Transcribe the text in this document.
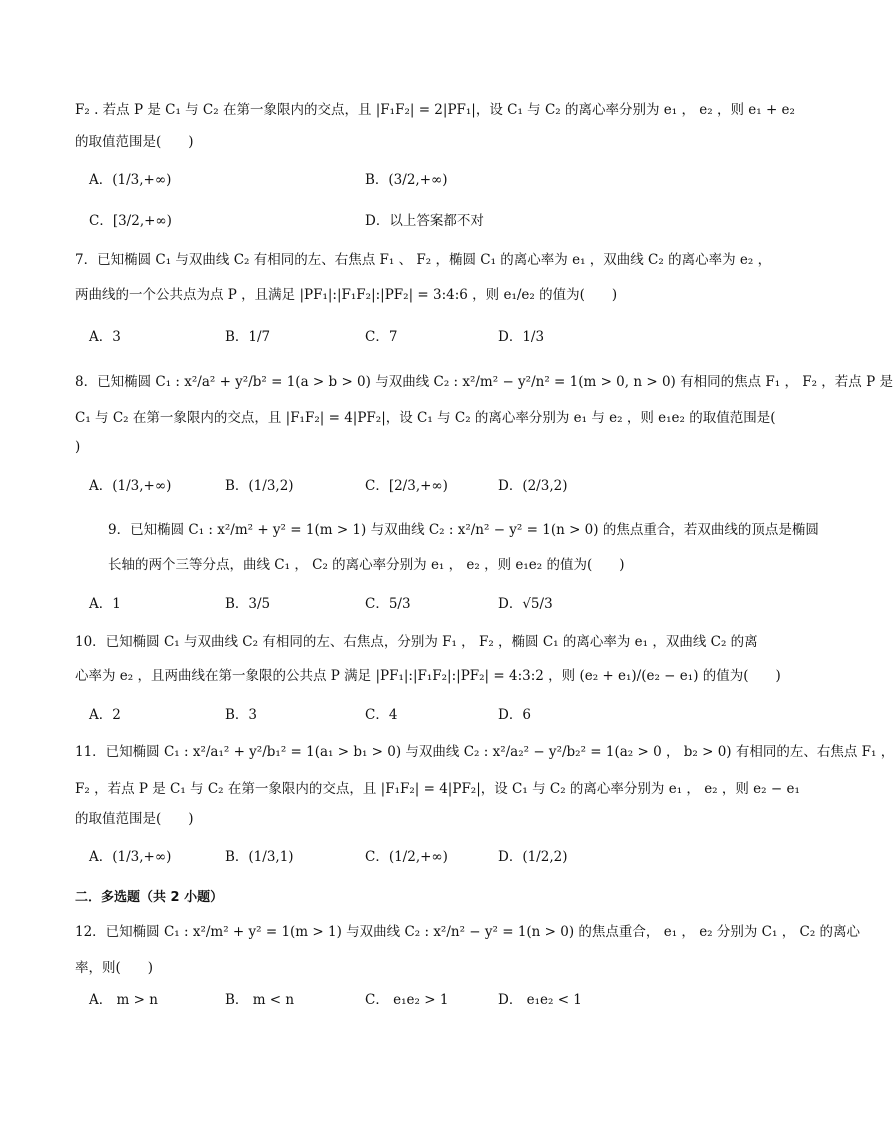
F₂ . 若点 P 是 C₁ 与 C₂ 在第一象限内的交点，且 |F₁F₂| = 2|PF₁|，设 C₁ 与 C₂ 的离心率分别为 e₁ ， e₂ ，则 e₁ + e₂
的取值范围是(　　)
A．(1/3,+∞)	B．(3/2,+∞)
C．[3/2,+∞)	D．以上答案都不对
7．已知椭圆 C₁ 与双曲线 C₂ 有相同的左、右焦点 F₁ 、 F₂ ，椭圆 C₁ 的离心率为 e₁ ，双曲线 C₂ 的离心率为 e₂ ，
两曲线的一个公共点为点 P ，且满足 |PF₁|:|F₁F₂|:|PF₂| = 3:4:6 ，则 e₁/e₂ 的值为(　　)
A．3	B．1/7	C．7	D．1/3
8．已知椭圆 C₁ : x²/a² + y²/b² = 1(a > b > 0) 与双曲线 C₂ : x²/m² − y²/n² = 1(m > 0, n > 0) 有相同的焦点 F₁ ， F₂ ，若点 P 是
C₁ 与 C₂ 在第一象限内的交点，且 |F₁F₂| = 4|PF₂|，设 C₁ 与 C₂ 的离心率分别为 e₁ 与 e₂ ，则 e₁e₂ 的取值范围是(
)
A．(1/3,+∞)	B．(1/3,2)	C．[2/3,+∞)	D．(2/3,2)
9．已知椭圆 C₁ : x²/m² + y² = 1(m > 1) 与双曲线 C₂ : x²/n² − y² = 1(n > 0) 的焦点重合，若双曲线的顶点是椭圆
长轴的两个三等分点，曲线 C₁ ， C₂ 的离心率分别为 e₁ ， e₂ ，则 e₁e₂ 的值为(　　)
A．1	B．3/5	C．5/3	D．√5/3
10．已知椭圆 C₁ 与双曲线 C₂ 有相同的左、右焦点，分别为 F₁ ， F₂ ，椭圆 C₁ 的离心率为 e₁ ，双曲线 C₂ 的离
心率为 e₂ ，且两曲线在第一象限的公共点 P 满足 |PF₁|:|F₁F₂|:|PF₂| = 4:3:2 ，则 (e₂ + e₁)/(e₂ − e₁) 的值为(　　)
A．2	B．3	C．4	D．6
11．已知椭圆 C₁ : x²/a₁² + y²/b₁² = 1(a₁ > b₁ > 0) 与双曲线 C₂ : x²/a₂² − y²/b₂² = 1(a₂ > 0 ， b₂ > 0) 有相同的左、右焦点 F₁ ，
F₂ ，若点 P 是 C₁ 与 C₂ 在第一象限内的交点，且 |F₁F₂| = 4|PF₂|，设 C₁ 与 C₂ 的离心率分别为 e₁ ， e₂ ，则 e₂ − e₁
的取值范围是(　　)
A．(1/3,+∞)	B．(1/3,1)	C．(1/2,+∞)	D．(1/2,2)
二．多选题（共 2 小题）
12．已知椭圆 C₁ : x²/m² + y² = 1(m > 1) 与双曲线 C₂ : x²/n² − y² = 1(n > 0) 的焦点重合， e₁ ， e₂ 分别为 C₁ ， C₂ 的离心
率，则(　　)
A． m > n	B． m < n	C． e₁e₂ > 1	D． e₁e₂ < 1
